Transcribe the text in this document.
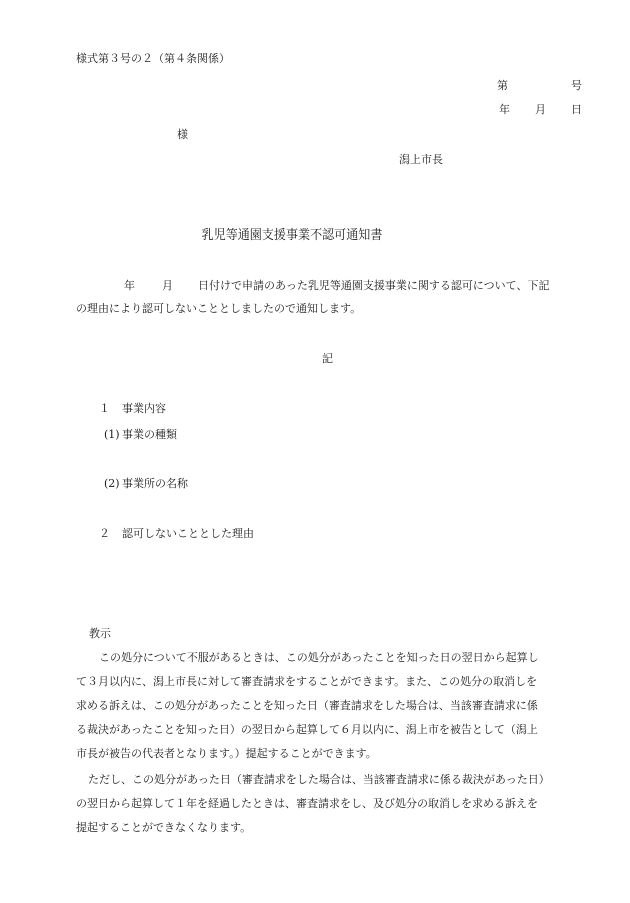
様式第３号の２（第４条関係）
第	号
年 月 日
様
潟上市長
乳児等通園支援事業不認可通知書
年 月 日付けで申請のあった乳児等通園支援事業に関する認可について、下記
の理由により認可しないこととしましたので通知します。
記
１ 事業内容
(1) 事業の種類
(2) 事業所の名称
２ 認可しないこととした理由
教示
この処分について不服があるときは、この処分があったことを知った日の翌日から起算し
て３月以内に、潟上市長に対して審査請求をすることができます。また、この処分の取消しを
求める訴えは、この処分があったことを知った日（審査請求をした場合は、当該審査請求に係
る裁決があったことを知った日）の翌日から起算して６月以内に、潟上市を被告として（潟上
市長が被告の代表者となります。）提起することができます。
ただし、この処分があった日（審査請求をした場合は、当該審査請求に係る裁決があった日）
の翌日から起算して１年を経過したときは、審査請求をし、及び処分の取消しを求める訴えを
提起することができなくなります。
